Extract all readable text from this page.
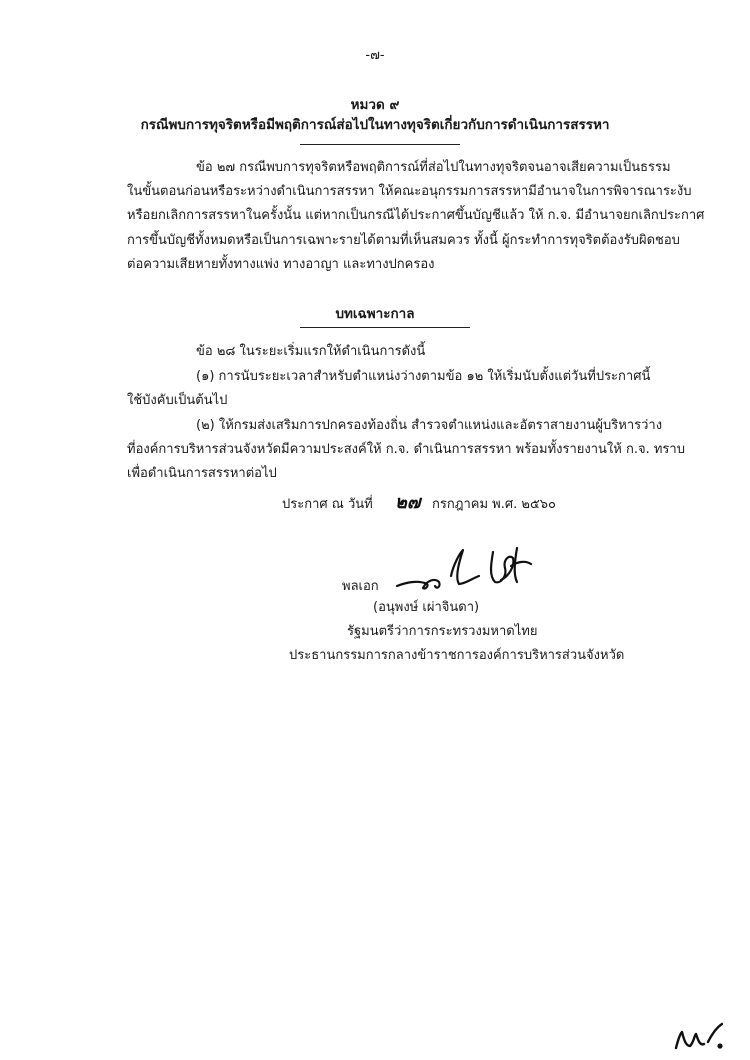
-๗-
หมวด ๙
กรณีพบการทุจริตหรือมีพฤติการณ์ส่อไปในทางทุจริตเกี่ยวกับการดำเนินการสรรหา
ข้อ ๒๗ กรณีพบการทุจริตหรือพฤติการณ์ที่ส่อไปในทางทุจริตจนอาจเสียความเป็นธรรม
ในขั้นตอนก่อนหรือระหว่างดำเนินการสรรหา ให้คณะอนุกรรมการสรรหามีอำนาจในการพิจารณาระงับ
หรือยกเลิกการสรรหาในครั้งนั้น แต่หากเป็นกรณีได้ประกาศขึ้นบัญชีแล้ว ให้ ก.จ. มีอำนาจยกเลิกประกาศ
การขึ้นบัญชีทั้งหมดหรือเป็นการเฉพาะรายได้ตามที่เห็นสมควร ทั้งนี้ ผู้กระทำการทุจริตต้องรับผิดชอบ
ต่อความเสียหายทั้งทางแพ่ง ทางอาญา และทางปกครอง
บทเฉพาะกาล
ข้อ ๒๘ ในระยะเริ่มแรกให้ดำเนินการดังนี้
(๑) การนับระยะเวลาสำหรับตำแหน่งว่างตามข้อ ๑๒ ให้เริ่มนับตั้งแต่วันที่ประกาศนี้
ใช้บังคับเป็นต้นไป
(๒) ให้กรมส่งเสริมการปกครองท้องถิ่น สำรวจตำแหน่งและอัตราสายงานผู้บริหารว่าง
ที่องค์การบริหารส่วนจังหวัดมีความประสงค์ให้ ก.จ. ดำเนินการสรรหา พร้อมทั้งรายงานให้ ก.จ. ทราบ
เพื่อดำเนินการสรรหาต่อไป
ประกาศ ณ วันที่ ๒๗ กรกฎาคม พ.ศ. ๒๕๖๐
พลเอก
(อนุพงษ์ เผ่าจินดา)
รัฐมนตรีว่าการกระทรวงมหาดไทย
ประธานกรรมการกลางข้าราชการองค์การบริหารส่วนจังหวัด
